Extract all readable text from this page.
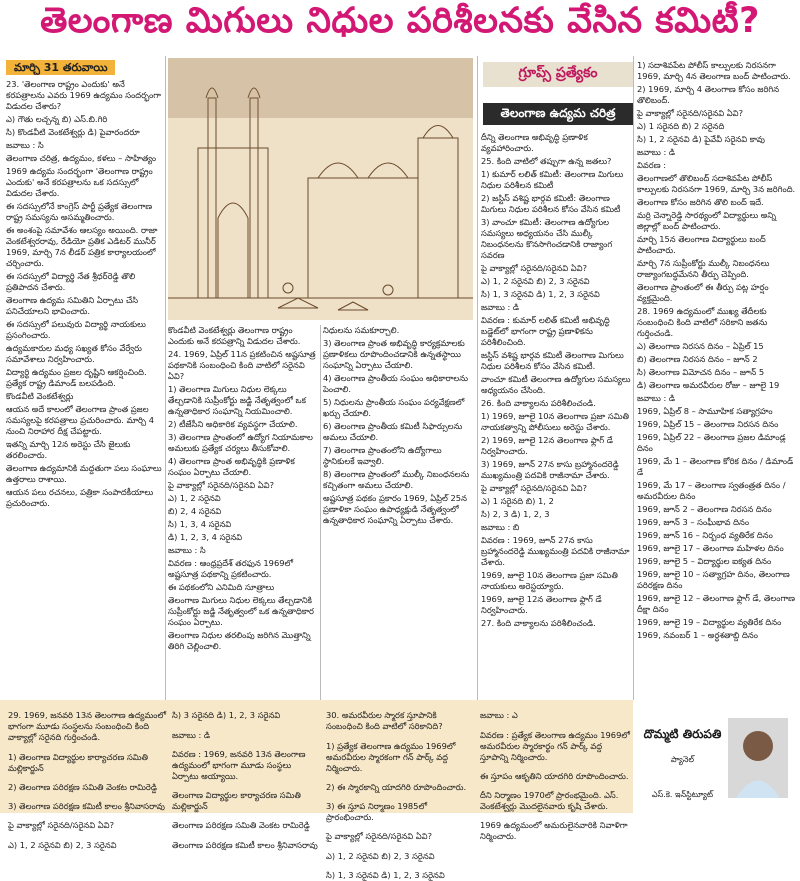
తెలంగాణ మిగులు నిధుల పరిశీలనకు వేసిన కమిటీ?
మార్చి 31 తరువాయి

23. 'తెలంగాణ రాష్ట్రం ఎందుకు' అనే కరపత్రాలను ఎవరు 1969 ఉద్యమం సందర్భంగా విడుదల చేశారు?

ఎ) గౌతు లచ్చన్న బి) ఎస్.బి.గిరి

సి) కొండవీటి వెంకటేశ్వర్లు డి) పైవారందరూ

జవాబు : సి

తెలంగాణ చరిత్ర, ఉద్యమం, కళలు – సాహిత్యం

1969 ఉద్యమ సందర్భంగా 'తెలంగాణ రాష్ట్రం ఎందుకు' అనే కరపత్రాలను ఒక సదస్సులో విడుదల చేశారు.

ఈ సదస్సులోనే కాంగ్రెస్ పార్టీ ప్రత్యేక తెలంగాణ రాష్ట్ర సమస్యను అసమ్మతించారు.

ఈ అంశంపై సమావేశం ఆలస్యం అయింది. రాజా వెంకటేశ్వరరావు, రేడియో ప్రతిక ఎడిటర్ మునీర్ 1969, మార్చి 7న లీడర్ పత్రిక కార్యాలయంలో చర్చించారు.

ఈ సదస్సులో విద్యార్థి నేత శ్రీధర్‌రెడ్డి తొలి ప్రతిపాదన చేశారు.

తెలంగాణ ఉద్యమ సమితిని ఏర్పాటు చేసి పనిచేయాలని భావించారు.

ఈ సదస్సులో పలువురు విద్యార్థి నాయకులు ప్రసంగించారు.

ఉద్యమకారుల మధ్య సఖ్యత కోసం వేర్వేరు సమావేశాలు నిర్వహించారు.

విద్యార్థి ఉద్యమం ప్రజల దృష్టిని ఆకర్షించింది. ప్రత్యేక రాష్ట్ర డిమాండ్ బలపడింది.

కొండవీటి వెంకటేశ్వర్లు

ఆయన అదే కాలంలో తెలంగాణ ప్రాంత ప్రజల సమస్యలపై కరపత్రాలు ప్రచురించారు. మార్చి 4 నుంచి నిరాహార దీక్ష చేపట్టారు.

ఇతన్ని మార్చి 12న అరెస్టు చేసి జైలుకు తరలించారు.

తెలంగాణ ఉద్యమానికి మద్దతుగా పలు సంఘాలు ఉత్తరాలు రాశాయి.

ఆయన పలు రచనలు, పత్రికా సంపాదకీయాలు ప్రచురించారు.

కొండవీటి వెంకటేశ్వర్లు తెలంగాణ రాష్ట్రం ఎందుకు అనే కరపత్రాన్ని విడుదల చేశారు.

24. 1969, ఏప్రిల్ 11న ప్రకటించిన అష్టసూత్ర పథకానికి సంబంధించి కింది వాటిలో సరైనవి ఏవి?

1) తెలంగాణ మిగులు నిధుల లెక్కలు తేల్చడానికి సుప్రీంకోర్టు జడ్జి నేతృత్వంలో ఒక ఉన్నతాధికార సంఘాన్ని నియమించాలి.

2) టీజేసీని అధికారిక వ్యవస్థగా చేయాలి.

3) తెలంగాణ ప్రాంతంలో ఉద్యోగ నియామకాల అమలుకు ప్రత్యేక చర్యలు తీసుకోవాలి.

4) తెలంగాణ ప్రాంత అభివృద్ధికి ప్రణాళిక సంఘం ఏర్పాటు చేయాలి.

పై వాక్యాల్లో సరైనది/సరైనవి ఏవి?

ఎ) 1, 2 సరైనవి

బి) 2, 4 సరైనవి

సి) 1, 3, 4 సరైనవి

డి) 1, 2, 3, 4 సరైనవి

జవాబు : సి

వివరణ : ఆంధ్రప్రదేశ్ తరఫున 1969లో అష్టసూత్ర పథకాన్ని ప్రకటించారు.

ఈ పథకంలోని ఎనిమిది సూత్రాలు

తెలంగాణ మిగులు నిధుల లెక్కలు తేల్చడానికి సుప్రీంకోర్టు జడ్జి నేతృత్వంలో ఒక ఉన్నతాధికార సంఘం ఏర్పాటు.

తెలంగాణ నిధుల తరలింపు జరిగిన మొత్తాన్ని తిరిగి చెల్లించాలి.

నిధులను సమకూర్చాలి.

3) తెలంగాణ ప్రాంత అభివృద్ధి కార్యక్రమాలకు ప్రణాళికలు రూపొందించడానికి ఉన్నతస్థాయి సంఘాన్ని ఏర్పాటు చేయాలి.

4) తెలంగాణ ప్రాంతీయ సంఘం అధికారాలను పెంచాలి.

5) నిధులను ప్రాంతీయ సంఘం పర్యవేక్షణలో ఖర్చు చేయాలి.

6) తెలంగాణ ప్రాంతీయ కమిటీ సిఫార్సులను అమలు చేయాలి.

7) తెలంగాణ ప్రాంతంలోని ఉద్యోగాలు స్థానికులకే ఇవ్వాలి.

8) తెలంగాణ ప్రాంతంలో ముల్కీ నిబంధనలను కచ్చితంగా అమలు చేయాలి.

అష్టసూత్ర పథకం ప్రకారం 1969, ఏప్రిల్ 25న ప్రణాళికా సంఘం ఉపాధ్యక్షుడి నేతృత్వంలో ఉన్నతాధికార సంఘాన్ని ఏర్పాటు చేశారు.

గ్రూప్స్ ప్రత్యేకం
తెలంగాణ ఉద్యమ చరిత్ర

దీన్ని తెలంగాణ అభివృద్ధి ప్రణాళిక వ్యవహారించారు.

25. కింది వాటిలో తప్పుగా ఉన్న జతలు?

1) కుమార్ లలిత్ కమిటీ: తెలంగాణ మిగులు నిధుల పరిశీలన కమిటీ

2) జస్టిస్ వశిష్ట భార్గవ కమిటీ: తెలంగాణ మిగులు నిధుల పరిశీలన కోసం వేసిన కమిటీ

3) వాంచూ కమిటీ: తెలంగాణ ఉద్యోగుల సమస్యలు అధ్యయనం చేసి ముల్కీ నిబంధనలను కొనసాగించడానికి రాజ్యాంగ సవరణ

పై వాక్యాల్లో సరైనది/సరైనవి ఏవి?

ఎ) 1, 2 సరైనవి బి) 2, 3 సరైనవి

సి) 1, 3 సరైనవి డి) 1, 2, 3 సరైనవి

జవాబు : డి

వివరణ : కుమార్ లలిత్ కమిటీ అభివృద్ధి బడ్జెట్‌లో భాగంగా రాష్ట్ర ప్రణాళికను పరిశీలించింది.

జస్టిస్ వశిష్ట భార్గవ కమిటీ తెలంగాణ మిగులు నిధుల పరిశీలన కోసం వేసిన కమిటీ.

వాంచూ కమిటీ తెలంగాణ ఉద్యోగుల సమస్యలు అధ్యయనం చేసింది.

26. కింది వాక్యాలను పరిశీలించండి.

1) 1969, జూలై 10న తెలంగాణ ప్రజా సమితి నాయకత్వాన్ని పోలీసులు అరెస్టు చేశారు.

2) 1969, జూలై 12న తెలంగాణ ఫ్లాగ్ డే నిర్వహించారు.

3) 1969, జూన్ 27న కాసు బ్రహ్మానందరెడ్డి ముఖ్యమంత్రి పదవికి రాజీనామా చేశారు.

పై వాక్యాల్లో సరైనది/సరైనవి ఏవి?

ఎ) 1 సరైనది బి) 1, 2

సి) 2, 3 డి) 1, 2, 3

జవాబు : బి

వివరణ : 1969, జూన్ 27న కాసు బ్రహ్మానందరెడ్డి ముఖ్యమంత్రి పదవికి రాజీనామా చేశారు.

1969, జూలై 10న తెలంగాణ ప్రజా సమితి నాయకులు అరెస్టయ్యారు.

1969, జూలై 12న తెలంగాణ ఫ్లాగ్ డే నిర్వహించారు.

27. కింది వాక్యాలను పరిశీలించండి.

1) సదాశివపేట పోలీస్ కాల్పులకు నిరసనగా 1969, మార్చి 4న తెలంగాణ బంద్ పాటించారు.

2) 1969, మార్చి 4 తెలంగాణ కోసం జరిగిన తొలిబంద్.

పై వాక్యాల్లో సరైనది/సరైనవి ఏవి?

ఎ) 1 సరైనది బి) 2 సరైనది

సి) 1, 2 సరైనవి డి) పైవేవీ సరైనవి కావు

జవాబు : డి

వివరణ :

తెలంగాణలో తొలిబంద్ సదాశివపేట పోలీస్ కాల్పులకు నిరసనగా 1969, మార్చి 3న జరిగింది.

తెలంగాణ కోసం జరిగిన తొలి బంద్ ఇదే.

మర్రి చెన్నారెడ్డి సారథ్యంలో విద్యార్థులు అన్ని జిల్లాల్లో బంద్ పాటించారు.

మార్చి 15న తెలంగాణ విద్యార్థులు బంద్ పాటించారు.

మార్చి 7న సుప్రీంకోర్టు ముల్కీ నిబంధనలు రాజ్యాంగబద్ధమేనని తీర్పు చెప్పింది.

తెలంగాణ ప్రాంతంలో ఈ తీర్పు పట్ల హర్షం వ్యక్తమైంది.

28. 1969 ఉద్యమంలో ముఖ్య తేదీలకు సంబంధించి కింది వాటిలో సరికాని జతను గుర్తించండి.

ఎ) తెలంగాణ నిరసన దినం – ఏప్రిల్ 15

బి) తెలంగాణ నిరసన దినం – జూన్ 2

సి) తెలంగాణ విమోచన దినం – జూన్ 5

డి) తెలంగాణ అమరవీరుల రోజు – జూలై 19

జవాబు : డి

1969, ఏప్రిల్ 8 – సామూహిక సత్యాగ్రహం

1969, ఏప్రిల్ 15 – తెలంగాణ నిరసన దినం

1969, ఏప్రిల్ 22 – తెలంగాణ ప్రజల డిమాండ్ల దినం

1969, మే 1 – తెలంగాణ కోరిక దినం / డిమాండ్ డే

1969, మే 17 – తెలంగాణ స్వతంత్రత దినం / అమరవీరుల దినం

1969, జూన్ 2 – తెలంగాణ నిరసన దినం

1969, జూన్ 3 – సంఘీభావ దినం

1969, జూన్ 16 – నిర్బంధ వ్యతిరేక దినం

1969, జూలై 17 – తెలంగాణ మహిళల దినం

1969, జూలై 5 – విద్యార్థుల ఐక్యత దినం

1969, జూలై 10 – సత్యాగ్రహ దినం, తెలంగాణ పరిరక్షణ దినం

1969, జూలై 12 – తెలంగాణ ఫ్లాగ్ డే, తెలంగాణ దీక్షా దినం

1969, జూలై 19 – విద్యార్థుల వ్యతిరేక దినం

1969, నవంబర్ 1 – అర్ధశతాబ్ది దినం

29. 1969, జనవరి 13న తెలంగాణ ఉద్యమంలో భాగంగా మూడు సంస్థలను సంబంధించి కింది వాక్యాల్లో సరైనది గుర్తించండి.

1) తెలంగాణ విద్యార్థుల కార్యాచరణ సమితి మల్లికార్జున్

2) తెలంగాణ పరిరక్షణ సమితి వెంకట రామిరెడ్డి

3) తెలంగాణ పరిరక్షణ కమిటీ కాలం శ్రీనివాసరావు

పై వాక్యాల్లో సరైనది/సరైనవి ఏవి?

ఎ) 1, 2 సరైనవి బి) 2, 3 సరైనవి

సి) 3 సరైనది డి) 1, 2, 3 సరైనవి

జవాబు : డి

వివరణ : 1969, జనవరి 13న తెలంగాణ ఉద్యమంలో భాగంగా మూడు సంస్థలు ఏర్పాటు అయ్యాయి.

తెలంగాణ విద్యార్థుల కార్యాచరణ సమితి మల్లికార్జున్

తెలంగాణ పరిరక్షణ సమితి వెంకట రామిరెడ్డి

తెలంగాణ పరిరక్షణ కమిటీ కాలం శ్రీనివాసరావు

30. అమరవీరుల స్మారక స్తూపానికి సంబంధించి కింది వాటిలో సరికానిది?

1) ప్రత్యేక తెలంగాణ ఉద్యమం 1969లో అమరవీరుల స్మారకంగా గన్ పార్క్ వద్ద నిర్మించారు.

2) ఈ స్మారకాన్ని యాదగిరి రూపొందించారు.

3) ఈ స్తూప నిర్మాణం 1985లో ప్రారంభించారు.

పై వాక్యాల్లో సరైనది/సరైనవి ఏవి?

ఎ) 1, 2 సరైనవి బి) 2, 3 సరైనవి

సి) 1, 3 సరైనవి డి) 1, 2, 3 సరైనవి

జవాబు : ఎ

వివరణ : ప్రత్యేక తెలంగాణ ఉద్యమం 1969లో అమరవీరుల స్మారకార్థం గన్ పార్క్ వద్ద స్తూపాన్ని నిర్మించారు.

ఈ స్తూపం ఆకృతిని యాదగిరి రూపొందించారు.

దీని నిర్మాణం 1970లో ప్రారంభమైంది. ఎస్. వెంకటేశ్వర్లు మొదలైనవారు కృషి చేశారు.

1969 ఉద్యమంలో అమరులైనవారికి నివాళిగా నిర్మించారు.

దొమ్మటి తిరుపతి
ప్యానెల్
ఎస్.కె. ఇన్‌స్టిట్యూట్
